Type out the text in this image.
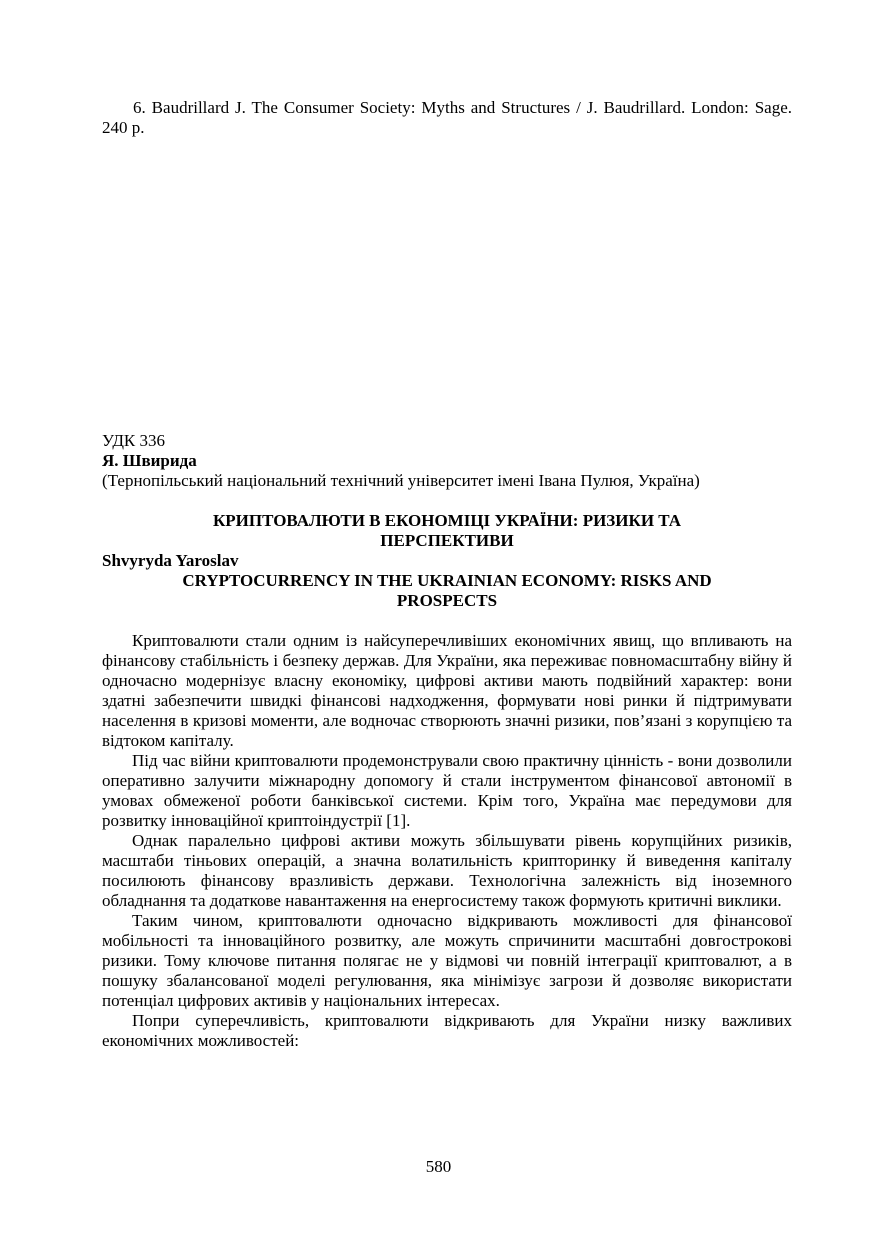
6. Baudrillard J. The Consumer Society: Myths and Structures / J. Baudrillard. London: Sage. 240 p.

УДК 336

Я. Швирида

(Тернопільський національний технічний університет імені Івана Пулюя, Україна)

КРИПТОВАЛЮТИ В ЕКОНОМІЦІ УКРАЇНИ: РИЗИКИ ТА ПЕРСПЕКТИВИ

Shvyryda Yaroslav

CRYPTOCURRENCY IN THE UKRAINIAN ECONOMY: RISKS AND PROSPECTS

Криптовалюти стали одним із найсуперечливіших економічних явищ, що впливають на фінансову стабільність і безпеку держав. Для України, яка переживає повномасштабну війну й одночасно модернізує власну економіку, цифрові активи мають подвійний характер: вони здатні забезпечити швидкі фінансові надходження, формувати нові ринки й підтримувати населення в кризові моменти, але водночас створюють значні ризики, пов’язані з корупцією та відтоком капіталу.

Під час війни криптовалюти продемонстрували свою практичну цінність - вони дозволили оперативно залучити міжнародну допомогу й стали інструментом фінансової автономії в умовах обмеженої роботи банківської системи. Крім того, Україна має передумови для розвитку інноваційної криптоіндустрії [1].

Однак паралельно цифрові активи можуть збільшувати рівень корупційних ризиків, масштаби тіньових операцій, а значна волатильність крипторинку й виведення капіталу посилюють фінансову вразливість держави. Технологічна залежність від іноземного обладнання та додаткове навантаження на енергосистему також формують критичні виклики.

Таким чином, криптовалюти одночасно відкривають можливості для фінансової мобільності та інноваційного розвитку, але можуть спричинити масштабні довгострокові ризики. Тому ключове питання полягає не у відмові чи повній інтеграції криптовалют, а в пошуку збалансованої моделі регулювання, яка мінімізує загрози й дозволяє використати потенціал цифрових активів у національних інтересах.

Попри суперечливість, криптовалюти відкривають для України низку важливих економічних можливостей:

580
